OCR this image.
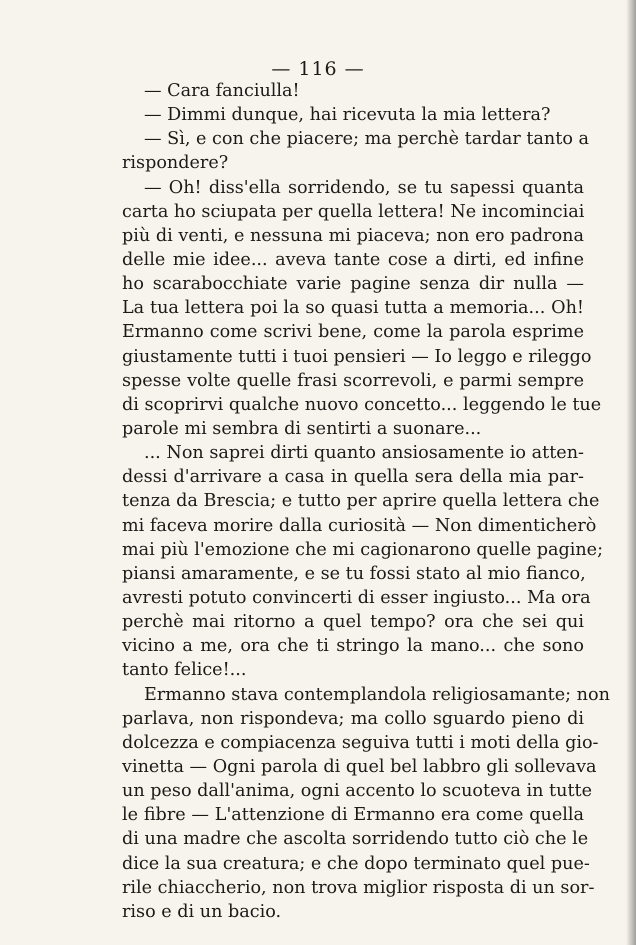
— 116 —
— Cara fanciulla!
— Dimmi dunque, hai ricevuta la mia lettera?
— Sì, e con che piacere; ma perchè tardar tanto a
rispondere?
— Oh! diss'ella sorridendo, se tu sapessi quanta
carta ho sciupata per quella lettera! Ne incominciai
più di venti, e nessuna mi piaceva; non ero padrona
delle mie idee... aveva tante cose a dirti, ed infine
ho scarabocchiate varie pagine senza dir nulla —
La tua lettera poi la so quasi tutta a memoria... Oh!
Ermanno come scrivi bene, come la parola esprime
giustamente tutti i tuoi pensieri — Io leggo e rileggo
spesse volte quelle frasi scorrevoli, e parmi sempre
di scoprirvi qualche nuovo concetto... leggendo le tue
parole mi sembra di sentirti a suonare...
... Non saprei dirti quanto ansiosamente io atten-
dessi d'arrivare a casa in quella sera della mia par-
tenza da Brescia; e tutto per aprire quella lettera che
mi faceva morire dalla curiosità — Non dimenticherò
mai più l'emozione che mi cagionarono quelle pagine;
piansi amaramente, e se tu fossi stato al mio fianco,
avresti potuto convincerti di esser ingiusto... Ma ora
perchè mai ritorno a quel tempo? ora che sei qui
vicino a me, ora che ti stringo la mano... che sono
tanto felice!...
Ermanno stava contemplandola religiosamante; non
parlava, non rispondeva; ma collo sguardo pieno di
dolcezza e compiacenza seguiva tutti i moti della gio-
vinetta — Ogni parola di quel bel labbro gli sollevava
un peso dall'anima, ogni accento lo scuoteva in tutte
le fibre — L'attenzione di Ermanno era come quella
di una madre che ascolta sorridendo tutto ciò che le
dice la sua creatura; e che dopo terminato quel pue-
rile chiaccherio, non trova miglior risposta di un sor-
riso e di un bacio.
